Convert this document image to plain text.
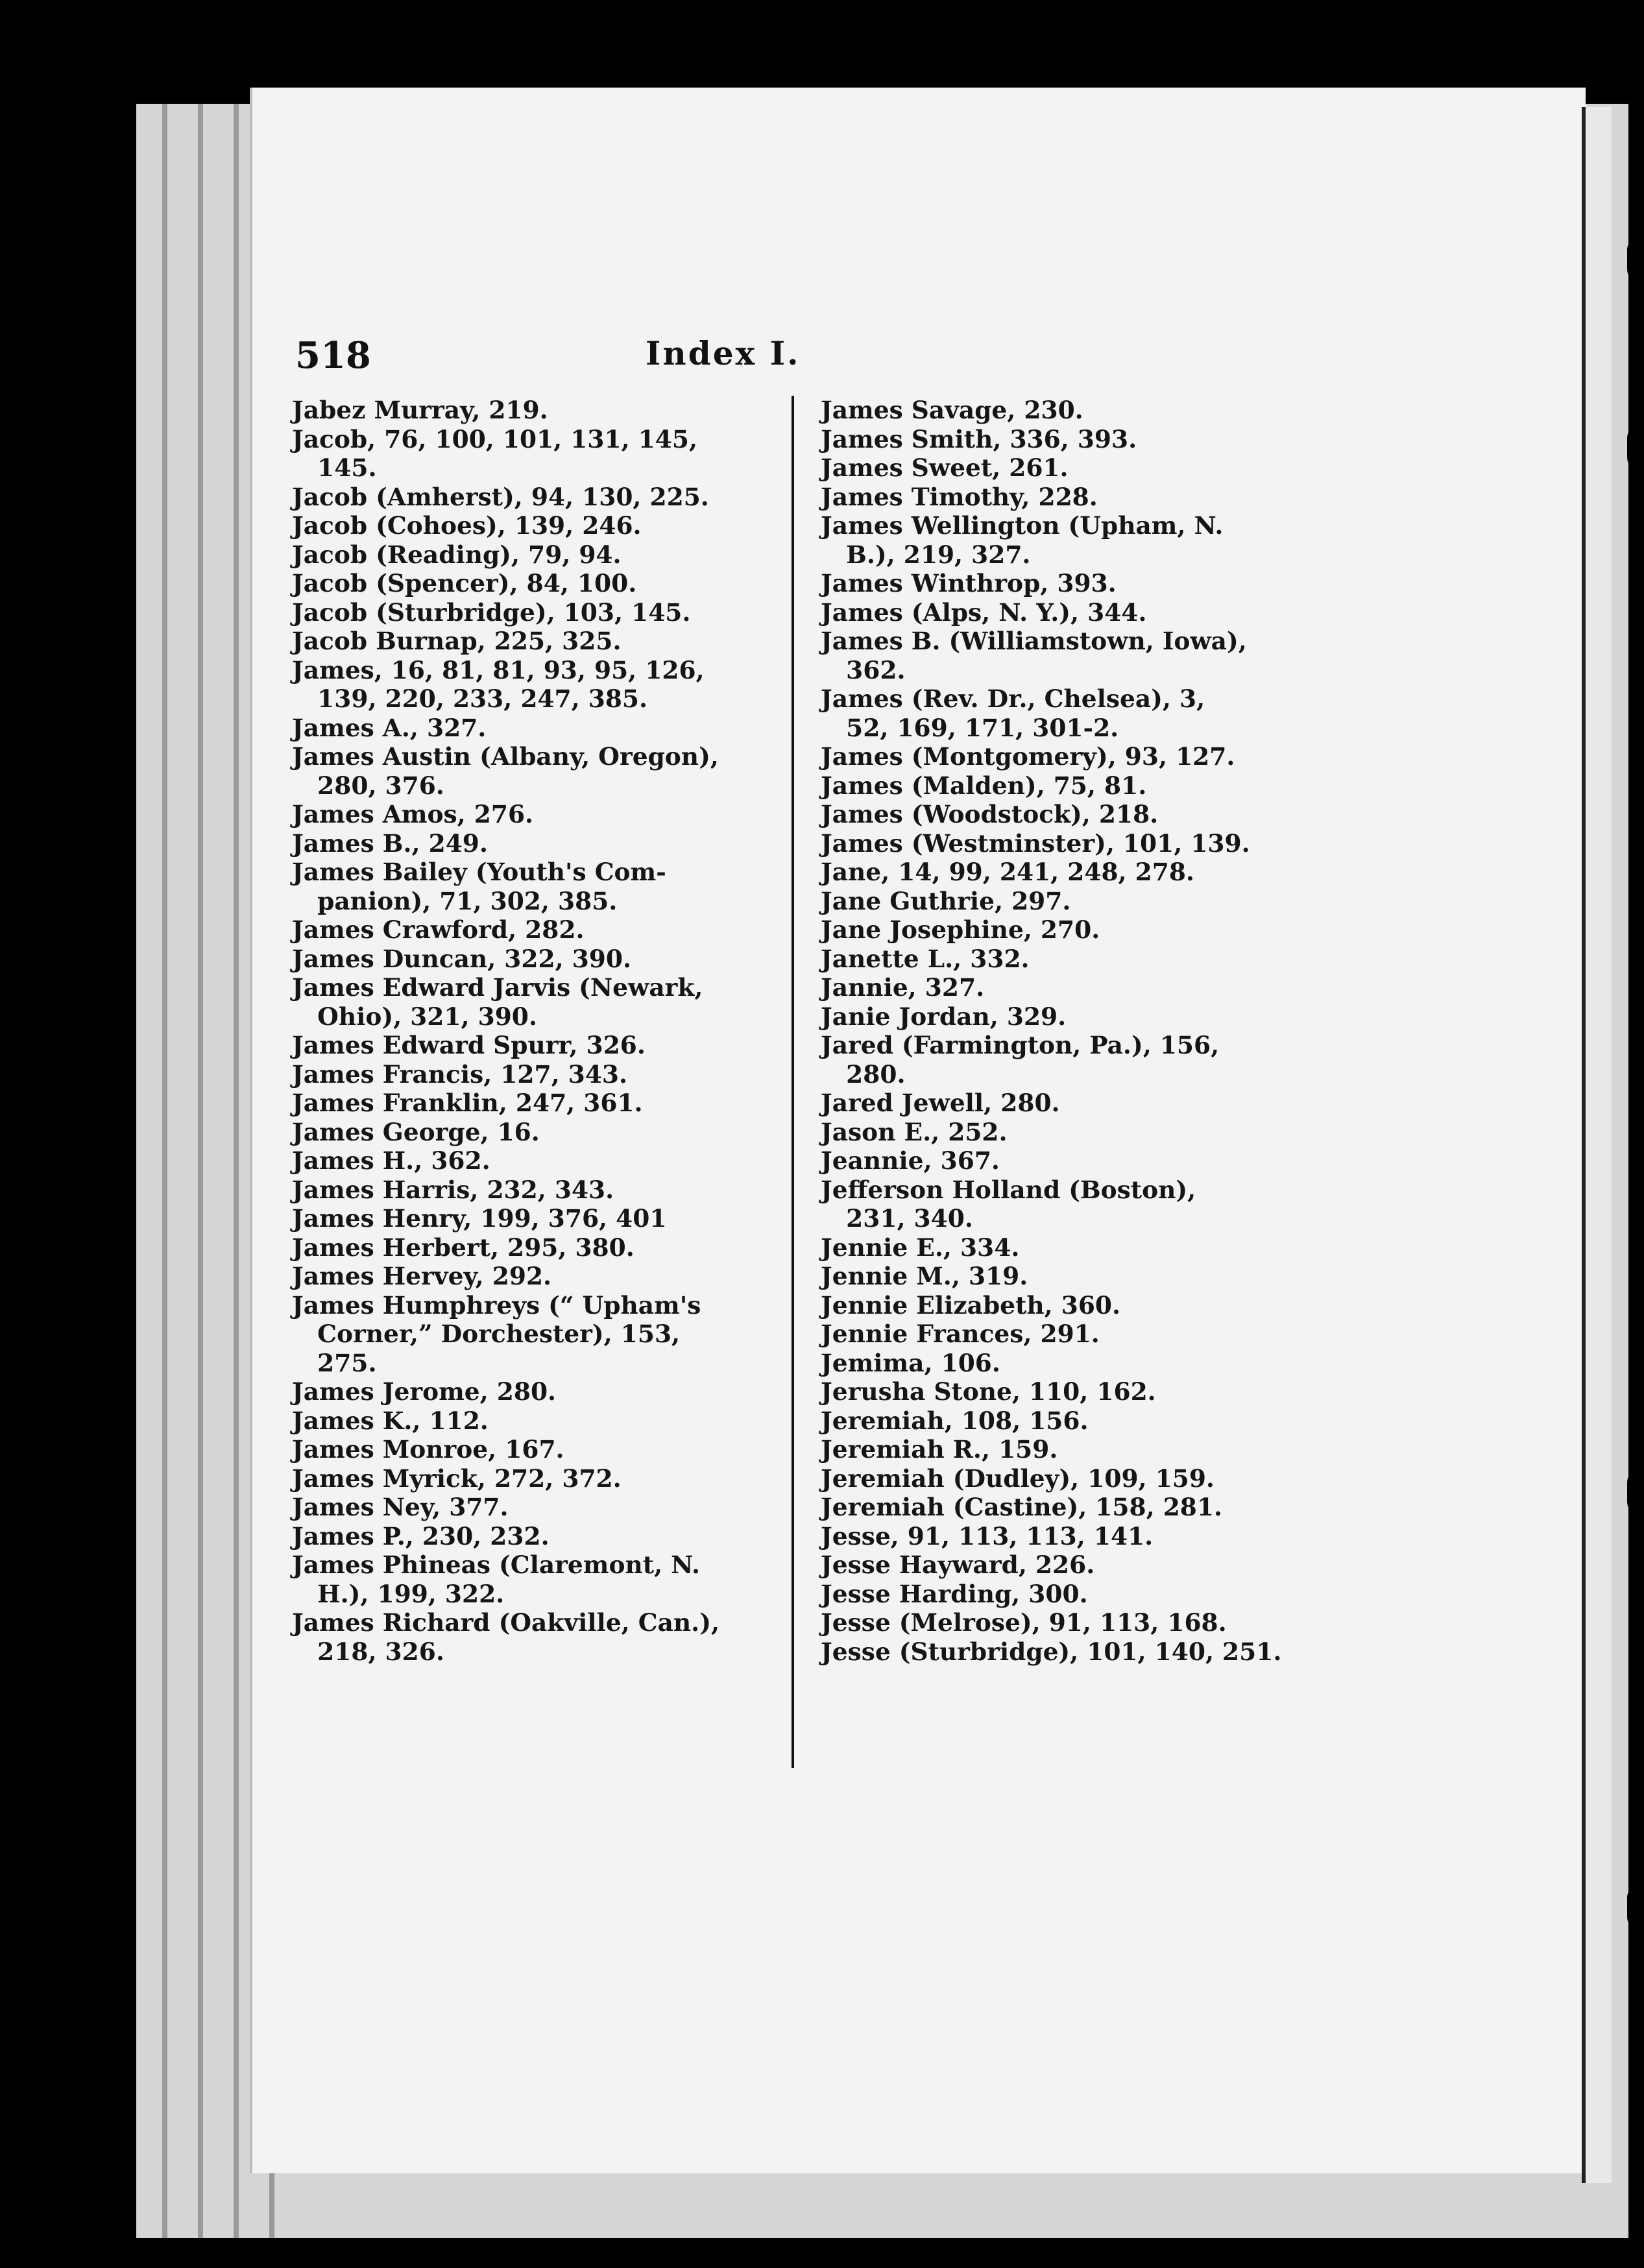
518	Index I.
Jabez Murray, 219.
Jacob, 76, 100, 101, 131, 145,
145.
Jacob (Amherst), 94, 130, 225.
Jacob (Cohoes), 139, 246.
Jacob (Reading), 79, 94.
Jacob (Spencer), 84, 100.
Jacob (Sturbridge), 103, 145.
Jacob Burnap, 225, 325.
James, 16, 81, 81, 93, 95, 126,
139, 220, 233, 247, 385.
James A., 327.
James Austin (Albany, Oregon),
280, 376.
James Amos, 276.
James B., 249.
James Bailey (Youth's Com-
panion), 71, 302, 385.
James Crawford, 282.
James Duncan, 322, 390.
James Edward Jarvis (Newark,
Ohio), 321, 390.
James Edward Spurr, 326.
James Francis, 127, 343.
James Franklin, 247, 361.
James George, 16.
James H., 362.
James Harris, 232, 343.
James Henry, 199, 376, 401
James Herbert, 295, 380.
James Hervey, 292.
James Humphreys (“ Upham's
Corner,” Dorchester), 153,
275.
James Jerome, 280.
James K., 112.
James Monroe, 167.
James Myrick, 272, 372.
James Ney, 377.
James P., 230, 232.
James Phineas (Claremont, N.
H.), 199, 322.
James Richard (Oakville, Can.),
218, 326.
James Savage, 230.
James Smith, 336, 393.
James Sweet, 261.
James Timothy, 228.
James Wellington (Upham, N.
B.), 219, 327.
James Winthrop, 393.
James (Alps, N. Y.), 344.
James B. (Williamstown, Iowa),
362.
James (Rev. Dr., Chelsea), 3,
52, 169, 171, 301-2.
James (Montgomery), 93, 127.
James (Malden), 75, 81.
James (Woodstock), 218.
James (Westminster), 101, 139.
Jane, 14, 99, 241, 248, 278.
Jane Guthrie, 297.
Jane Josephine, 270.
Janette L., 332.
Jannie, 327.
Janie Jordan, 329.
Jared (Farmington, Pa.), 156,
280.
Jared Jewell, 280.
Jason E., 252.
Jeannie, 367.
Jefferson Holland (Boston),
231, 340.
Jennie E., 334.
Jennie M., 319.
Jennie Elizabeth, 360.
Jennie Frances, 291.
Jemima, 106.
Jerusha Stone, 110, 162.
Jeremiah, 108, 156.
Jeremiah R., 159.
Jeremiah (Dudley), 109, 159.
Jeremiah (Castine), 158, 281.
Jesse, 91, 113, 113, 141.
Jesse Hayward, 226.
Jesse Harding, 300.
Jesse (Melrose), 91, 113, 168.
Jesse (Sturbridge), 101, 140, 251.
